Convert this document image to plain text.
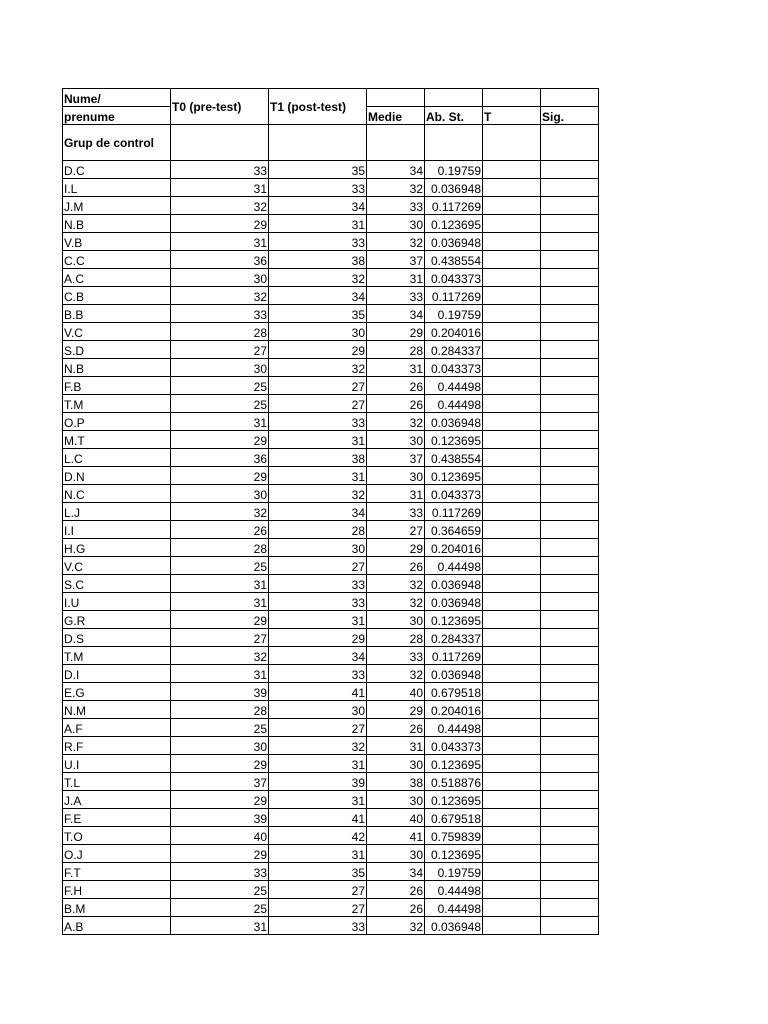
Nume/	T0 (pre-test)	T1 (post-test)				
prenume			Medie	Ab. St.	T	Sig.
Grup de control						
D.C	33	35	34	0.19759		
I.L	31	33	32	0.036948		
J.M	32	34	33	0.117269		
N.B	29	31	30	0.123695		
V.B	31	33	32	0.036948		
C.C	36	38	37	0.438554		
A.C	30	32	31	0.043373		
C.B	32	34	33	0.117269		
B.B	33	35	34	0.19759		
V.C	28	30	29	0.204016		
S.D	27	29	28	0.284337		
N.B	30	32	31	0.043373		
F.B	25	27	26	0.44498		
T.M	25	27	26	0.44498		
O.P	31	33	32	0.036948		
M.T	29	31	30	0.123695		
L.C	36	38	37	0.438554		
D.N	29	31	30	0.123695		
N.C	30	32	31	0.043373		
L.J	32	34	33	0.117269		
I.I	26	28	27	0.364659		
H.G	28	30	29	0.204016		
V.C	25	27	26	0.44498		
S.C	31	33	32	0.036948		
I.U	31	33	32	0.036948		
G.R	29	31	30	0.123695		
D.S	27	29	28	0.284337		
T.M	32	34	33	0.117269		
D.I	31	33	32	0.036948		
E.G	39	41	40	0.679518		
N.M	28	30	29	0.204016		
A.F	25	27	26	0.44498		
R.F	30	32	31	0.043373		
U.I	29	31	30	0.123695		
T.L	37	39	38	0.518876		
J.A	29	31	30	0.123695		
F.E	39	41	40	0.679518		
T.O	40	42	41	0.759839		
O.J	29	31	30	0.123695		
F.T	33	35	34	0.19759		
F.H	25	27	26	0.44498		
B.M	25	27	26	0.44498		
A.B	31	33	32	0.036948		
